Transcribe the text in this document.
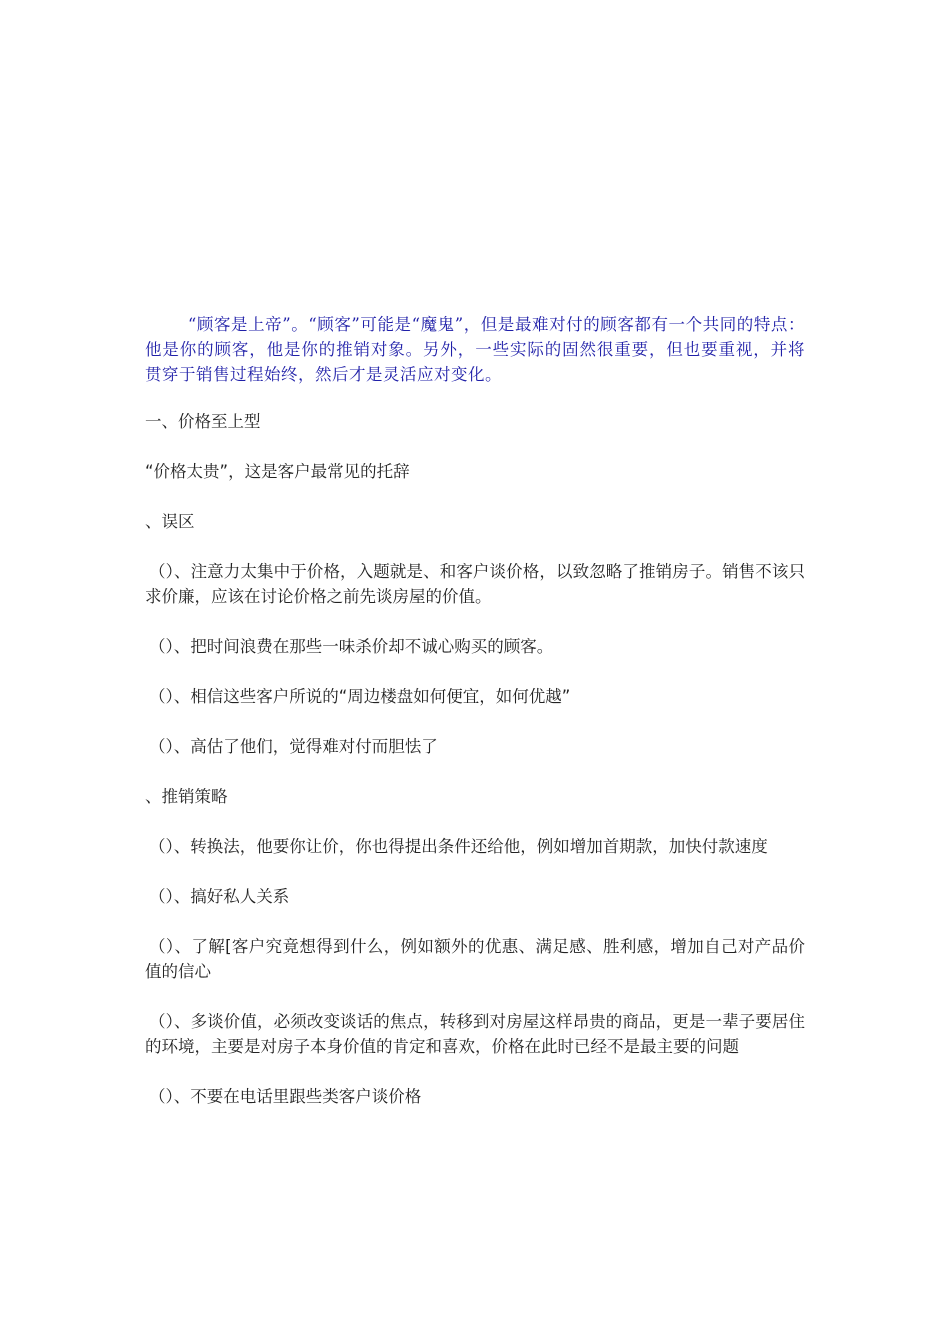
“顾客是上帝”。“顾客”可能是“魔鬼”，但是最难对付的顾客都有一个共同的特点：他是你的顾客，他是你的推销对象。另外，一些实际的固然很重要，但也要重视，并将贯穿于销售过程始终，然后才是灵活应对变化。

一、价格至上型

“价格太贵”，这是客户最常见的托辞

、误区

（）、注意力太集中于价格，入题就是、和客户谈价格，以致忽略了推销房子。销售不该只求价廉，应该在讨论价格之前先谈房屋的价值。

（）、把时间浪费在那些一味杀价却不诚心购买的顾客。

（）、相信这些客户所说的“周边楼盘如何便宜，如何优越”

（）、高估了他们，觉得难对付而胆怯了

、推销策略

（）、转换法，他要你让价，你也得提出条件还给他，例如增加首期款，加快付款速度

（）、搞好私人关系

（）、了解[客户究竟想得到什么，例如额外的优惠、满足感、胜利感，增加自己对产品价值的信心

（）、多谈价值，必须改变谈话的焦点，转移到对房屋这样昂贵的商品，更是一辈子要居住的环境，主要是对房子本身价值的肯定和喜欢，价格在此时已经不是最主要的问题

（）、不要在电话里跟些类客户谈价格
